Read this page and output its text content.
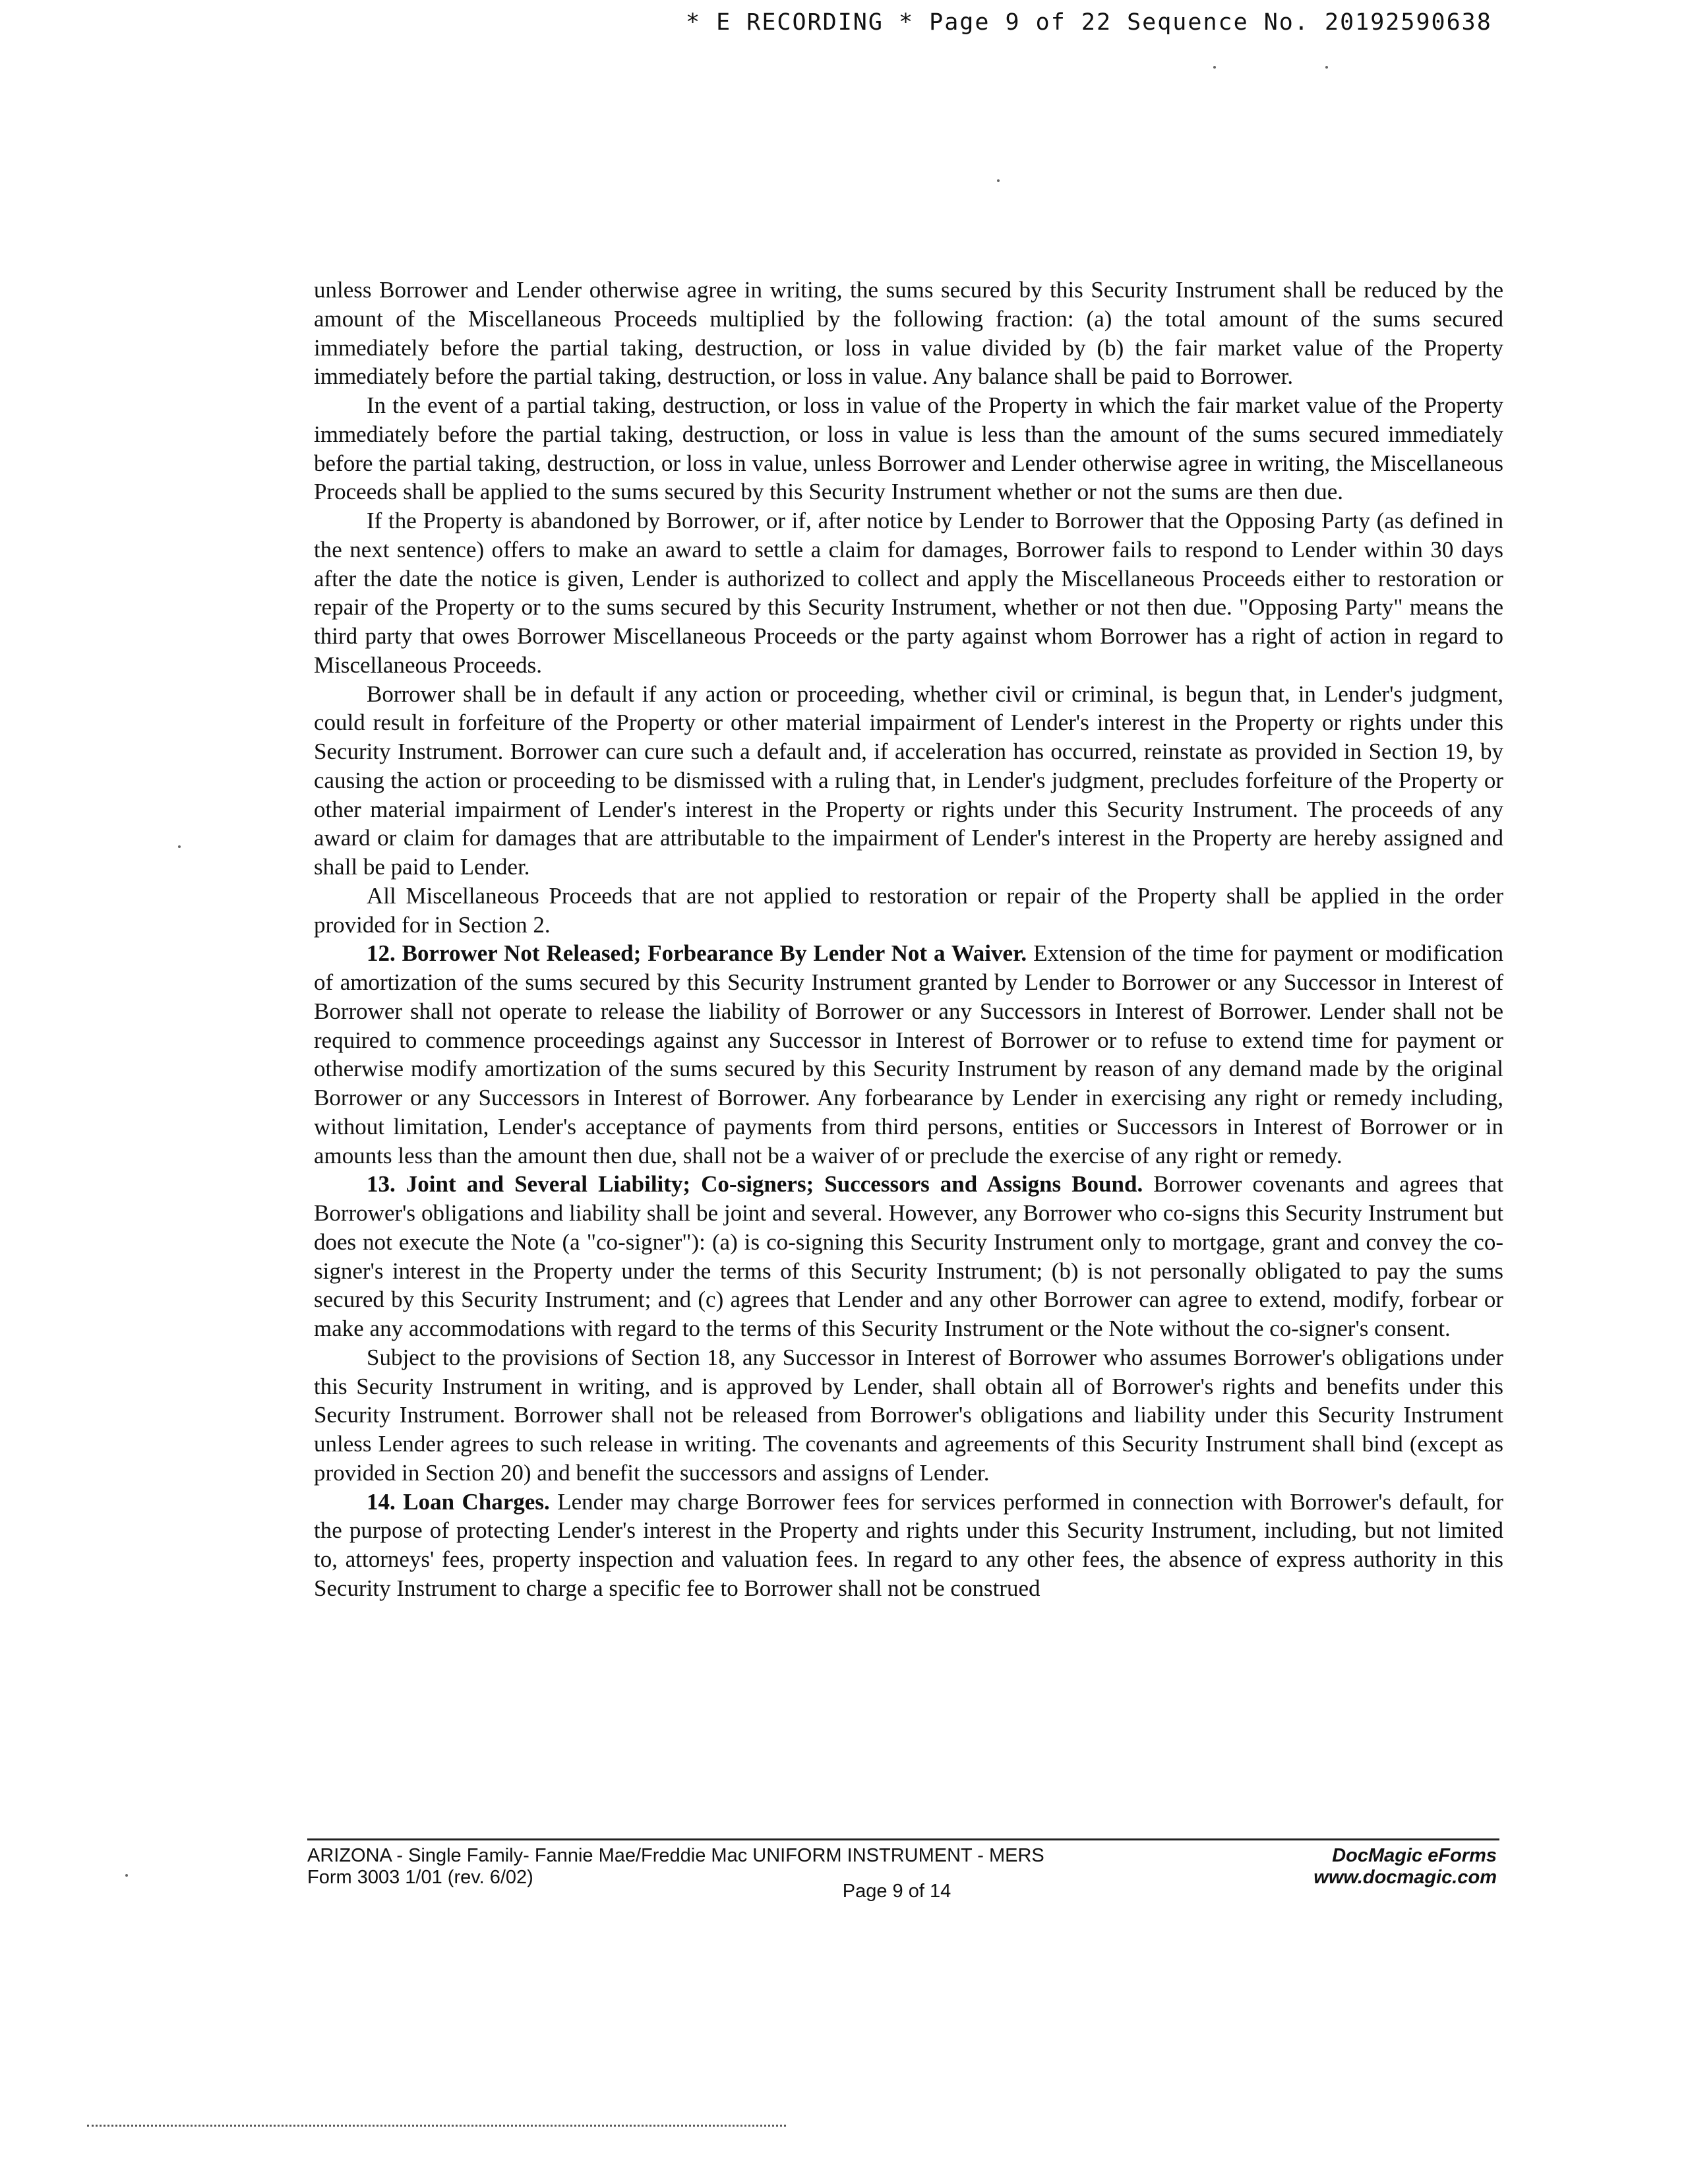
* E RECORDING * Page 9 of 22 Sequence No. 20192590638

unless Borrower and Lender otherwise agree in writing, the sums secured by this Security Instrument shall be reduced by the amount of the Miscellaneous Proceeds multiplied by the following fraction: (a) the total amount of the sums secured immediately before the partial taking, destruction, or loss in value divided by (b) the fair market value of the Property immediately before the partial taking, destruction, or loss in value. Any balance shall be paid to Borrower.

In the event of a partial taking, destruction, or loss in value of the Property in which the fair market value of the Property immediately before the partial taking, destruction, or loss in value is less than the amount of the sums secured immediately before the partial taking, destruction, or loss in value, unless Borrower and Lender otherwise agree in writing, the Miscellaneous Proceeds shall be applied to the sums secured by this Security Instrument whether or not the sums are then due.

If the Property is abandoned by Borrower, or if, after notice by Lender to Borrower that the Opposing Party (as defined in the next sentence) offers to make an award to settle a claim for damages, Borrower fails to respond to Lender within 30 days after the date the notice is given, Lender is authorized to collect and apply the Miscellaneous Proceeds either to restoration or repair of the Property or to the sums secured by this Security Instrument, whether or not then due. "Opposing Party" means the third party that owes Borrower Miscellaneous Proceeds or the party against whom Borrower has a right of action in regard to Miscellaneous Proceeds.

Borrower shall be in default if any action or proceeding, whether civil or criminal, is begun that, in Lender's judgment, could result in forfeiture of the Property or other material impairment of Lender's interest in the Property or rights under this Security Instrument. Borrower can cure such a default and, if acceleration has occurred, reinstate as provided in Section 19, by causing the action or proceeding to be dismissed with a ruling that, in Lender's judgment, precludes forfeiture of the Property or other material impairment of Lender's interest in the Property or rights under this Security Instrument. The proceeds of any award or claim for damages that are attributable to the impairment of Lender's interest in the Property are hereby assigned and shall be paid to Lender.

All Miscellaneous Proceeds that are not applied to restoration or repair of the Property shall be applied in the order provided for in Section 2.

12. Borrower Not Released; Forbearance By Lender Not a Waiver. Extension of the time for payment or modification of amortization of the sums secured by this Security Instrument granted by Lender to Borrower or any Successor in Interest of Borrower shall not operate to release the liability of Borrower or any Successors in Interest of Borrower. Lender shall not be required to commence proceedings against any Successor in Interest of Borrower or to refuse to extend time for payment or otherwise modify amortization of the sums secured by this Security Instrument by reason of any demand made by the original Borrower or any Successors in Interest of Borrower. Any forbearance by Lender in exercising any right or remedy including, without limitation, Lender's acceptance of payments from third persons, entities or Successors in Interest of Borrower or in amounts less than the amount then due, shall not be a waiver of or preclude the exercise of any right or remedy.

13. Joint and Several Liability; Co-signers; Successors and Assigns Bound. Borrower covenants and agrees that Borrower's obligations and liability shall be joint and several. However, any Borrower who co-signs this Security Instrument but does not execute the Note (a "co-signer"): (a) is co-signing this Security Instrument only to mortgage, grant and convey the co-signer's interest in the Property under the terms of this Security Instrument; (b) is not personally obligated to pay the sums secured by this Security Instrument; and (c) agrees that Lender and any other Borrower can agree to extend, modify, forbear or make any accommodations with regard to the terms of this Security Instrument or the Note without the co-signer's consent.

Subject to the provisions of Section 18, any Successor in Interest of Borrower who assumes Borrower's obligations under this Security Instrument in writing, and is approved by Lender, shall obtain all of Borrower's rights and benefits under this Security Instrument. Borrower shall not be released from Borrower's obligations and liability under this Security Instrument unless Lender agrees to such release in writing. The covenants and agreements of this Security Instrument shall bind (except as provided in Section 20) and benefit the successors and assigns of Lender.

14. Loan Charges. Lender may charge Borrower fees for services performed in connection with Borrower's default, for the purpose of protecting Lender's interest in the Property and rights under this Security Instrument, including, but not limited to, attorneys' fees, property inspection and valuation fees. In regard to any other fees, the absence of express authority in this Security Instrument to charge a specific fee to Borrower shall not be construed

ARIZONA - Single Family- Fannie Mae/Freddie Mac UNIFORM INSTRUMENT - MERS
Form 3003 1/01 (rev. 6/02)
DocMagic eForms
www.docmagic.com
Page 9 of 14
